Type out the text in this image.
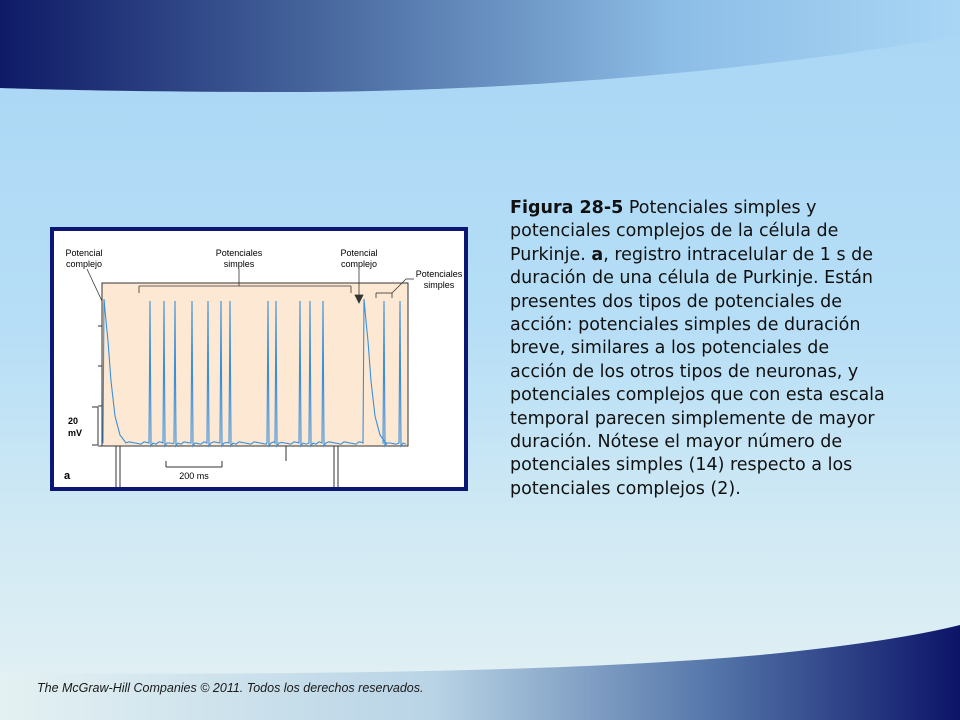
Potencial
complejo
Potenciales
simples
Potencial
complejo
Potenciales
simples
20
mV
200 ms
a
Figura 28-5 Potenciales simples y potenciales complejos de la célula de Purkinje. a, registro intracelular de 1 s de duración de una célula de Purkinje. Están presentes dos tipos de potenciales de acción: potenciales simples de duración breve, similares a los potenciales de acción de los otros tipos de neuronas, y potenciales complejos que con esta escala temporal parecen simplemente de mayor duración. Nótese el mayor número de potenciales simples (14) respecto a los potenciales complejos (2).
The McGraw-Hill Companies © 2011. Todos los derechos reservados.
